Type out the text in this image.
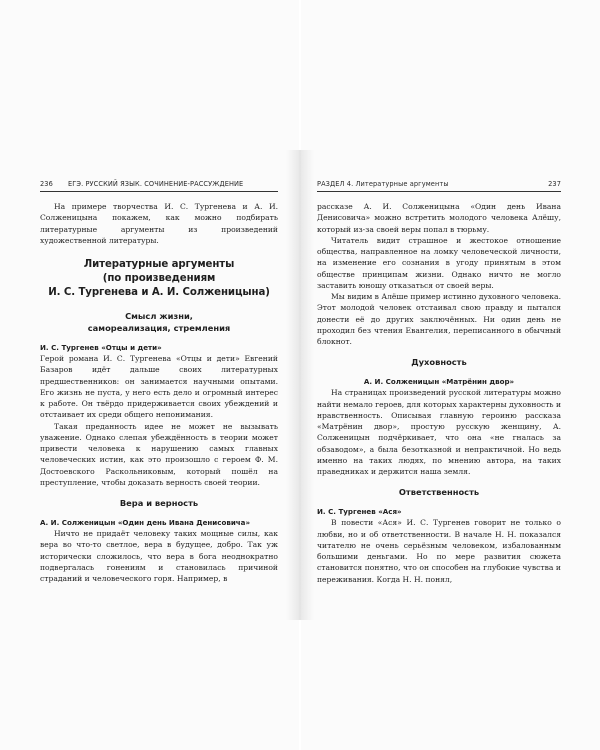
236 ЕГЭ. РУССКИЙ ЯЗЫК. СОЧИНЕНИЕ-РАССУЖДЕНИЕ

На примере творчества И. С. Тургенева и А. И. Солженицына покажем, как можно подбирать литературные аргументы из произведений художественной литературы.

Литературные аргументы
(по произведениям
И. С. Тургенева и А. И. Солженицына)
Смысл жизни,
самореализация, стремления
И. С. Тургенев «Отцы и дети»

Герой романа И. С. Тургенева «Отцы и дети» Евгений Базаров идёт дальше своих литературных предшественников: он занимается научными опытами. Его жизнь не пуста, у него есть дело и огромный интерес к работе. Он твёрдо придерживается своих убеждений и отстаивает их среди общего непонимания.

Такая преданность идее не может не вызывать уважение. Однако слепая убеждённость в теории может привести человека к нарушению самых главных человеческих истин, как это произошло с героем Ф. М. Достоевского Раскольниковым, который пошёл на преступление, чтобы доказать верность своей теории.

Вера и верность
А. И. Солженицын «Один день Ивана Денисовича»

Ничто не придаёт человеку таких мощные силы, как вера во что-то светлое, вера в будущее, добро. Так уж исторически сложилось, что вера в бога неоднократно подвергалась гонениям и становилась причиной страданий и человеческого горя. Например, в

РАЗДЕЛ 4. Литературные аргументы	237

рассказе А. И. Солженицына «Один день Ивана Денисовича» можно встретить молодого человека Алёшу, который из-за своей веры попал в тюрьму.

Читатель видит страшное и жестокое отношение общества, направленное на ломку человеческой личности, на изменение его сознания в угоду принятым в этом обществе принципам жизни. Однако ничто не могло заставить юношу отказаться от своей веры.

Мы видим в Алёше пример истинно духовного человека. Этот молодой человек отстаивал свою правду и пытался донести её до других заключённых. Ни один день не проходил без чтения Евангелия, переписанного в обычный блокнот.

Духовность
А. И. Солженицын «Матрёнин двор»

На страницах произведений русской литературы можно найти немало героев, для которых характерны духовность и нравственность. Описывая главную героиню рассказа «Матрёнин двор», простую русскую женщину, А. Солженицын подчёркивает, что она «не гналась за обзаводом», а была безотказной и непрактичной. Но ведь именно на таких людях, по мнению автора, на таких праведниках и держится наша земля.

Ответственность
И. С. Тургенев «Ася»

В повести «Ася» И. С. Тургенев говорит не только о любви, но и об ответственности. В начале Н. Н. показался читателю не очень серьёзным человеком, избалованным большими деньгами. Но по мере развития сюжета становится понятно, что он способен на глубокие чувства и переживания. Когда Н. Н. понял,
